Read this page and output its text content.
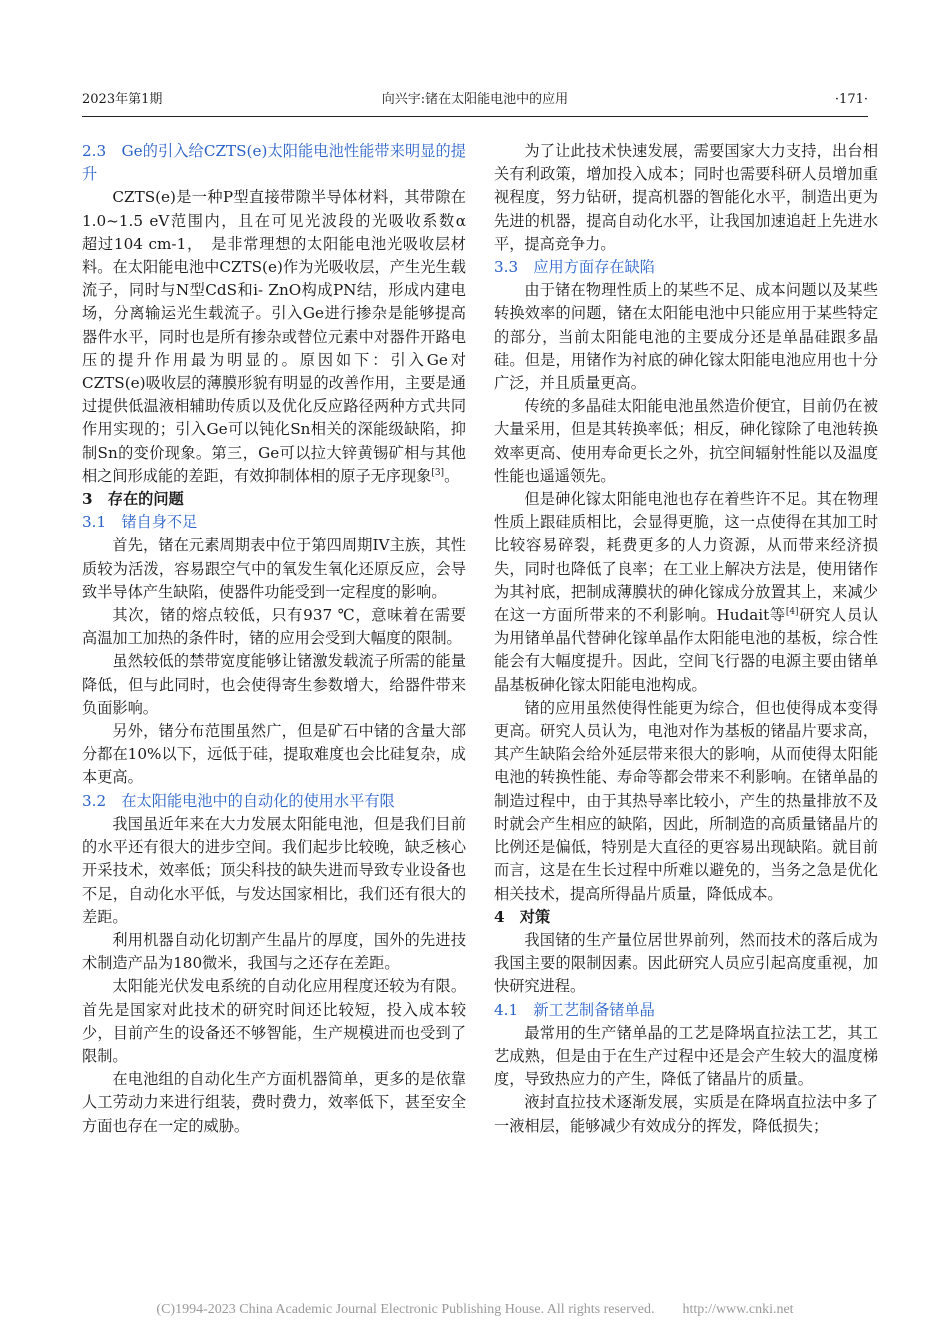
2023年第1期	向兴宇:锗在太阳能电池中的应用	·171·
2.3　Ge的引入给CZTS(e)太阳能电池性能带来明显的提升

CZTS(e)是一种P型直接带隙半导体材料，其带隙在1.0~1.5 eV范围内，且在可见光波段的光吸收系数α　超过104 cm-1，　是非常理想的太阳能电池光吸收层材料。在太阳能电池中CZTS(e)作为光吸收层，产生光生载流子，同时与N型CdS和i- ZnO构成PN结，形成内建电场，分离输运光生载流子。引入Ge进行掺杂是能够提高器件水平，同时也是所有掺杂或替位元素中对器件开路电压的提升作用最为明显的。原因如下：引入Ge对CZTS(e)吸收层的薄膜形貌有明显的改善作用，主要是通过提供低温液相辅助传质以及优化反应路径两种方式共同作用实现的；引入Ge可以钝化Sn相关的深能级缺陷，抑制Sn的变价现象。第三，Ge可以拉大锌黄锡矿相与其他相之间形成能的差距，有效抑制体相的原子无序现象[3]。

3　存在的问题
3.1　锗自身不足

首先，锗在元素周期表中位于第四周期IV主族，其性质较为活泼，容易跟空气中的氧发生氧化还原反应，会导致半导体产生缺陷，使器件功能受到一定程度的影响。

其次，锗的熔点较低，只有937 ℃，意味着在需要高温加工加热的条件时，锗的应用会受到大幅度的限制。

虽然较低的禁带宽度能够让锗激发载流子所需的能量降低，但与此同时，也会使得寄生参数增大，给器件带来负面影响。

另外，锗分布范围虽然广，但是矿石中锗的含量大部分都在10%以下，远低于硅，提取难度也会比硅复杂，成本更高。

3.2　在太阳能电池中的自动化的使用水平有限

我国虽近年来在大力发展太阳能电池，但是我们目前的水平还有很大的进步空间。我们起步比较晚，缺乏核心开采技术，效率低；顶尖科技的缺失进而导致专业设备也不足，自动化水平低，与发达国家相比，我们还有很大的差距。

利用机器自动化切割产生晶片的厚度，国外的先进技术制造产品为180微米，我国与之还存在差距。

太阳能光伏发电系统的自动化应用程度还较为有限。首先是国家对此技术的研究时间还比较短，投入成本较少，目前产生的设备还不够智能，生产规模进而也受到了限制。

在电池组的自动化生产方面机器简单，更多的是依靠人工劳动力来进行组装，费时费力，效率低下，甚至安全方面也存在一定的威胁。

为了让此技术快速发展，需要国家大力支持，出台相关有利政策，增加投入成本；同时也需要科研人员增加重视程度，努力钻研，提高机器的智能化水平，制造出更为先进的机器，提高自动化水平，让我国加速追赶上先进水平，提高竞争力。

3.3　应用方面存在缺陷

由于锗在物理性质上的某些不足、成本问题以及某些转换效率的问题，锗在太阳能电池中只能应用于某些特定的部分，当前太阳能电池的主要成分还是单晶硅跟多晶硅。但是，用锗作为衬底的砷化镓太阳能电池应用也十分广泛，并且质量更高。

传统的多晶硅太阳能电池虽然造价便宜，目前仍在被大量采用，但是其转换率低；相反，砷化镓除了电池转换效率更高、使用寿命更长之外，抗空间辐射性能以及温度性能也遥遥领先。

但是砷化镓太阳能电池也存在着些许不足。其在物理性质上跟硅质相比，会显得更脆，这一点使得在其加工时比较容易碎裂，耗费更多的人力资源，从而带来经济损失，同时也降低了良率；在工业上解决方法是，使用锗作为其衬底，把制成薄膜状的砷化镓成分放置其上，来减少在这一方面所带来的不利影响。Hudait等[4]研究人员认为用锗单晶代替砷化镓单晶作太阳能电池的基板，综合性能会有大幅度提升。因此，空间飞行器的电源主要由锗单晶基板砷化镓太阳能电池构成。

锗的应用虽然使得性能更为综合，但也使得成本变得更高。研究人员认为，电池对作为基板的锗晶片要求高，其产生缺陷会给外延层带来很大的影响，从而使得太阳能电池的转换性能、寿命等都会带来不利影响。在锗单晶的制造过程中，由于其热导率比较小，产生的热量排放不及时就会产生相应的缺陷，因此，所制造的高质量锗晶片的比例还是偏低，特别是大直径的更容易出现缺陷。就目前而言，这是在生长过程中所难以避免的，当务之急是优化相关技术，提高所得晶片质量，降低成本。

4　对策

我国锗的生产量位居世界前列，然而技术的落后成为我国主要的限制因素。因此研究人员应引起高度重视，加快研究进程。

4.1　新工艺制备锗单晶

最常用的生产锗单晶的工艺是降埚直拉法工艺，其工艺成熟，但是由于在生产过程中还是会产生较大的温度梯度，导致热应力的产生，降低了锗晶片的质量。

液封直拉技术逐渐发展，实质是在降埚直拉法中多了一液相层，能够减少有效成分的挥发，降低损失；

(C)1994-2023 China Academic Journal Electronic Publishing House. All rights reserved.　　http://www.cnki.net
